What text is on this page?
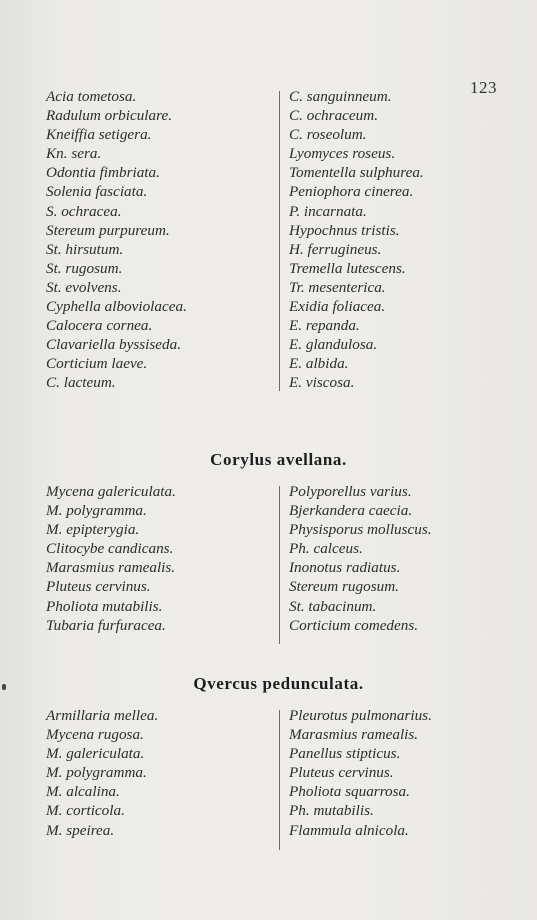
123
Acia tometosa.
Radulum orbiculare.
Kneiffia setigera.
Kn. sera.
Odontia fimbriata.
Solenia fasciata.
S. ochracea.
Stereum purpureum.
St. hirsutum.
St. rugosum.
St. evolvens.
Cyphella alboviolacea.
Calocera cornea.
Clavariella byssiseda.
Corticium laeve.
C. lacteum.
C. sanguinneum.
C. ochraceum.
C. roseolum.
Lyomyces roseus.
Tomentella sulphurea.
Peniophora cinerea.
P. incarnata.
Hypochnus tristis.
H. ferrugineus.
Tremella lutescens.
Tr. mesenterica.
Exidia foliacea.
E. repanda.
E. glandulosa.
E. albida.
E. viscosa.
Corylus avellana.
Mycena galericulata.
M. polygramma.
M. epipterygia.
Clitocybe candicans.
Marasmius ramealis.
Pluteus cervinus.
Pholiota mutabilis.
Tubaria furfuracea.
Polyporellus varius.
Bjerkandera caecia.
Physisporus molluscus.
Ph. calceus.
Inonotus radiatus.
Stereum rugosum.
St. tabacinum.
Corticium comedens.
Qvercus pedunculata.
Armillaria mellea.
Mycena rugosa.
M. galericulata.
M. polygramma.
M. alcalina.
M. corticola.
M. speirea.
Pleurotus pulmonarius.
Marasmius ramealis.
Panellus stipticus.
Pluteus cervinus.
Pholiota squarrosa.
Ph. mutabilis.
Flammula alnicola.
